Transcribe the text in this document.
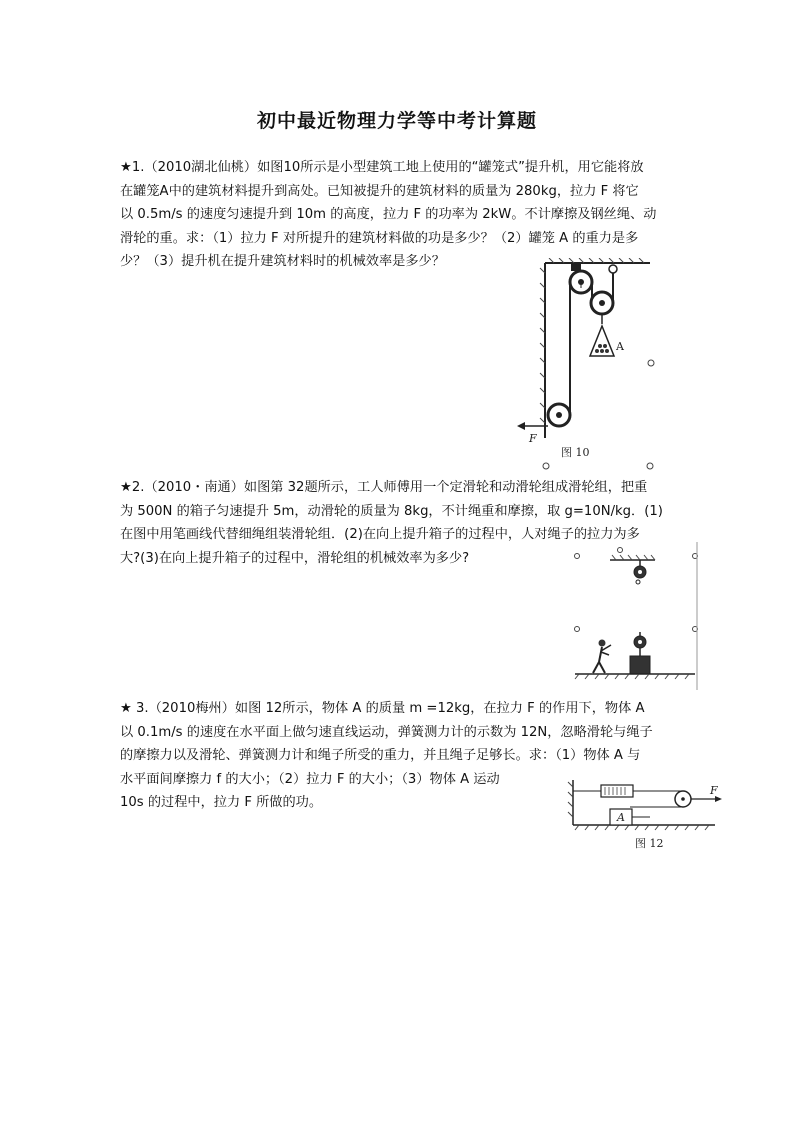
初中最近物理力学等中考计算题

★1.（2010湖北仙桃）如图10所示是小型建筑工地上使用的“罐笼式”提升机，用它能将放

在罐笼A中的建筑材料提升到高处。已知被提升的建筑材料的质量为 280kg，拉力 F 将它

以 0.5m/s 的速度匀速提升到 10m 的高度，拉力 F 的功率为 2kW。不计摩擦及钢丝绳、动

滑轮的重。求：（1）拉力 F 对所提升的建筑材料做的功是多少？（2）罐笼 A 的重力是多

少？（3）提升机在提升建筑材料时的机械效率是多少？

A
F
图 10

★2.（2010・南通）如图第 32题所示，工人师傅用一个定滑轮和动滑轮组成滑轮组，把重

为 500N 的箱子匀速提升 5m，动滑轮的质量为 8kg，不计绳重和摩擦，取 g=10N/kg．(1)

在图中用笔画线代替细绳组装滑轮组．(2)在向上提升箱子的过程中，人对绳子的拉力为多

大?(3)在向上提升箱子的过程中，滑轮组的机械效率为多少?

★ 3.（2010梅州）如图 12所示，物体 A 的质量 m =12kg，在拉力 F 的作用下，物体 A

以 0.1m/s 的速度在水平面上做匀速直线运动，弹簧测力计的示数为 12N，忽略滑轮与绳子

的摩擦力以及滑轮、弹簧测力计和绳子所受的重力，并且绳子足够长。求：（1）物体 A 与

水平面间摩擦力 f 的大小；（2）拉力 F 的大小；（3）物体 A 运动

10s 的过程中，拉力 F 所做的功。

A
F
图 12
